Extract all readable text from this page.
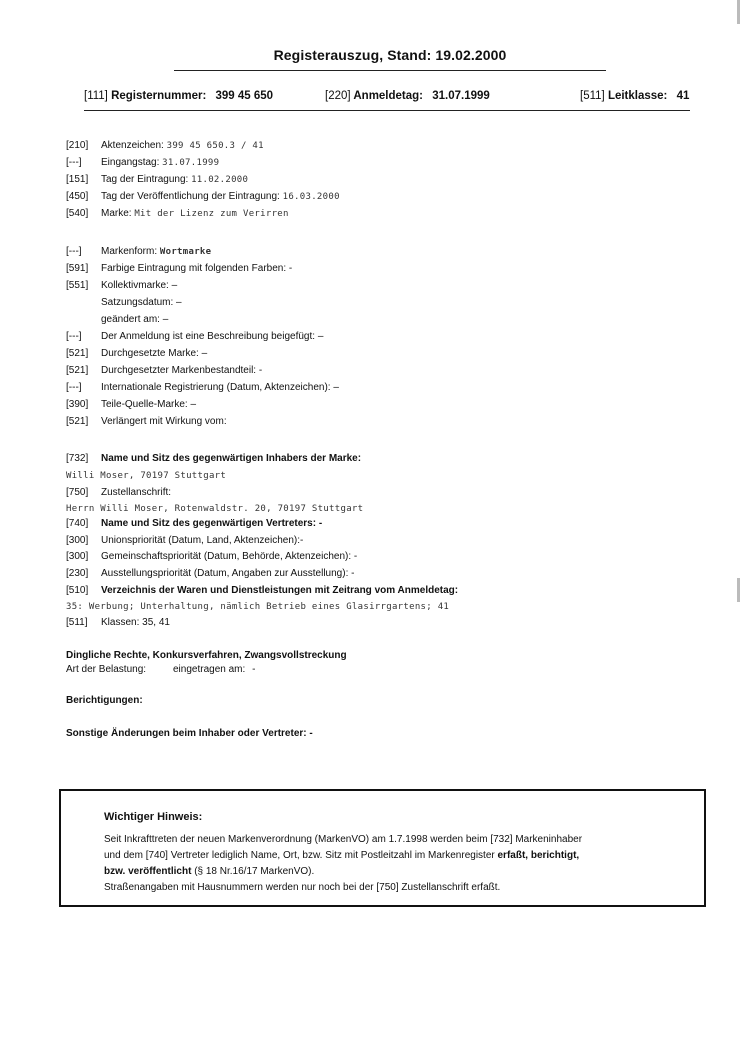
Registerauszug, Stand: 19.02.2000
[111] Registernummer: 399 45 650	[220] Anmeldetag: 31.07.1999	[511] Leitklasse: 41
[210] Aktenzeichen: 399 45 650.3 / 41
[---] Eingangstag: 31.07.1999
[151] Tag der Eintragung: 11.02.2000
[450] Tag der Veröffentlichung der Eintragung: 16.03.2000
[540] Marke: Mit der Lizenz zum Verirren
[---] Markenform: Wortmarke
[591] Farbige Eintragung mit folgenden Farben: -
[551] Kollektivmarke: –
Satzungsdatum: –
geändert am: –
[---] Der Anmeldung ist eine Beschreibung beigefügt: –
[521] Durchgesetzte Marke: –
[521] Durchgesetzter Markenbestandteil: -
[---] Internationale Registrierung (Datum, Aktenzeichen): –
[390] Teile-Quelle-Marke: –
[521] Verlängert mit Wirkung vom:
[732] Name und Sitz des gegenwärtigen Inhabers der Marke:
Willi Moser, 70197 Stuttgart
[750] Zustellanschrift:
Herrn Willi Moser, Rotenwaldstr. 20, 70197 Stuttgart
[740] Name und Sitz des gegenwärtigen Vertreters: -
[300] Unionspriorität (Datum, Land, Aktenzeichen):-
[300] Gemeinschaftspriorität (Datum, Behörde, Aktenzeichen): -
[230] Ausstellungspriorität (Datum, Angaben zur Ausstellung): -
[510] Verzeichnis der Waren und Dienstleistungen mit Zeitrang vom Anmeldetag:
35: Werbung; Unterhaltung, nämlich Betrieb eines Glasirrgartens; 41
[511] Klassen: 35, 41
Dingliche Rechte, Konkursverfahren, Zwangsvollstreckung
Art der Belastung:	eingetragen am: -
Berichtigungen:
Sonstige Änderungen beim Inhaber oder Vertreter: -
Wichtiger Hinweis:
Seit Inkrafttreten der neuen Markenverordnung (MarkenVO) am 1.7.1998 werden beim [732] Markeninhaber
und dem [740] Vertreter lediglich Name, Ort, bzw. Sitz mit Postleitzahl im Markenregister erfaßt, berichtigt,
bzw. veröffentlicht (§ 18 Nr.16/17 MarkenVO).
Straßenangaben mit Hausnummern werden nur noch bei der [750] Zustellanschrift erfaßt.
